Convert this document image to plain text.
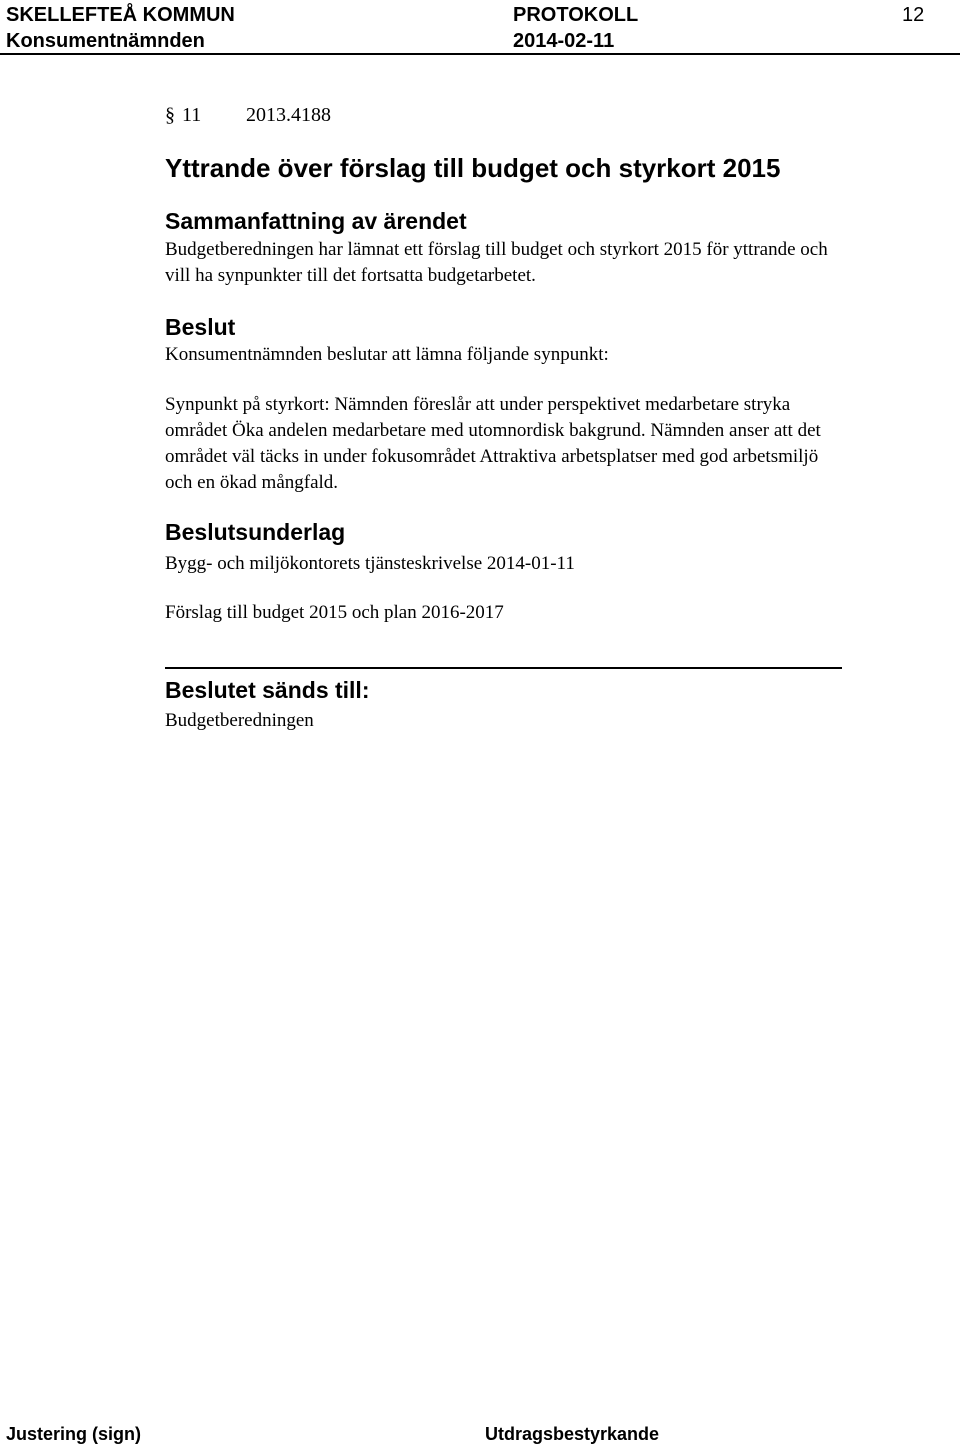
SKELLEFTEÅ KOMMUN	PROTOKOLL	12
Konsumentnämnden	2014-02-11
§ 11 2013.4188
Yttrande över förslag till budget och styrkort 2015
Sammanfattning av ärendet
Budgetberedningen har lämnat ett förslag till budget och styrkort 2015 för yttrande och
vill ha synpunkter till det fortsatta budgetarbetet.
Beslut
Konsumentnämnden beslutar att lämna följande synpunkt:
Synpunkt på styrkort: Nämnden föreslår att under perspektivet medarbetare stryka
området Öka andelen medarbetare med utomnordisk bakgrund. Nämnden anser att det
området väl täcks in under fokusområdet Attraktiva arbetsplatser med god arbetsmiljö
och en ökad mångfald.
Beslutsunderlag
Bygg- och miljökontorets tjänsteskrivelse 2014-01-11
Förslag till budget 2015 och plan 2016-2017
Beslutet sänds till:
Budgetberedningen
Justering (sign)	Utdragsbestyrkande
